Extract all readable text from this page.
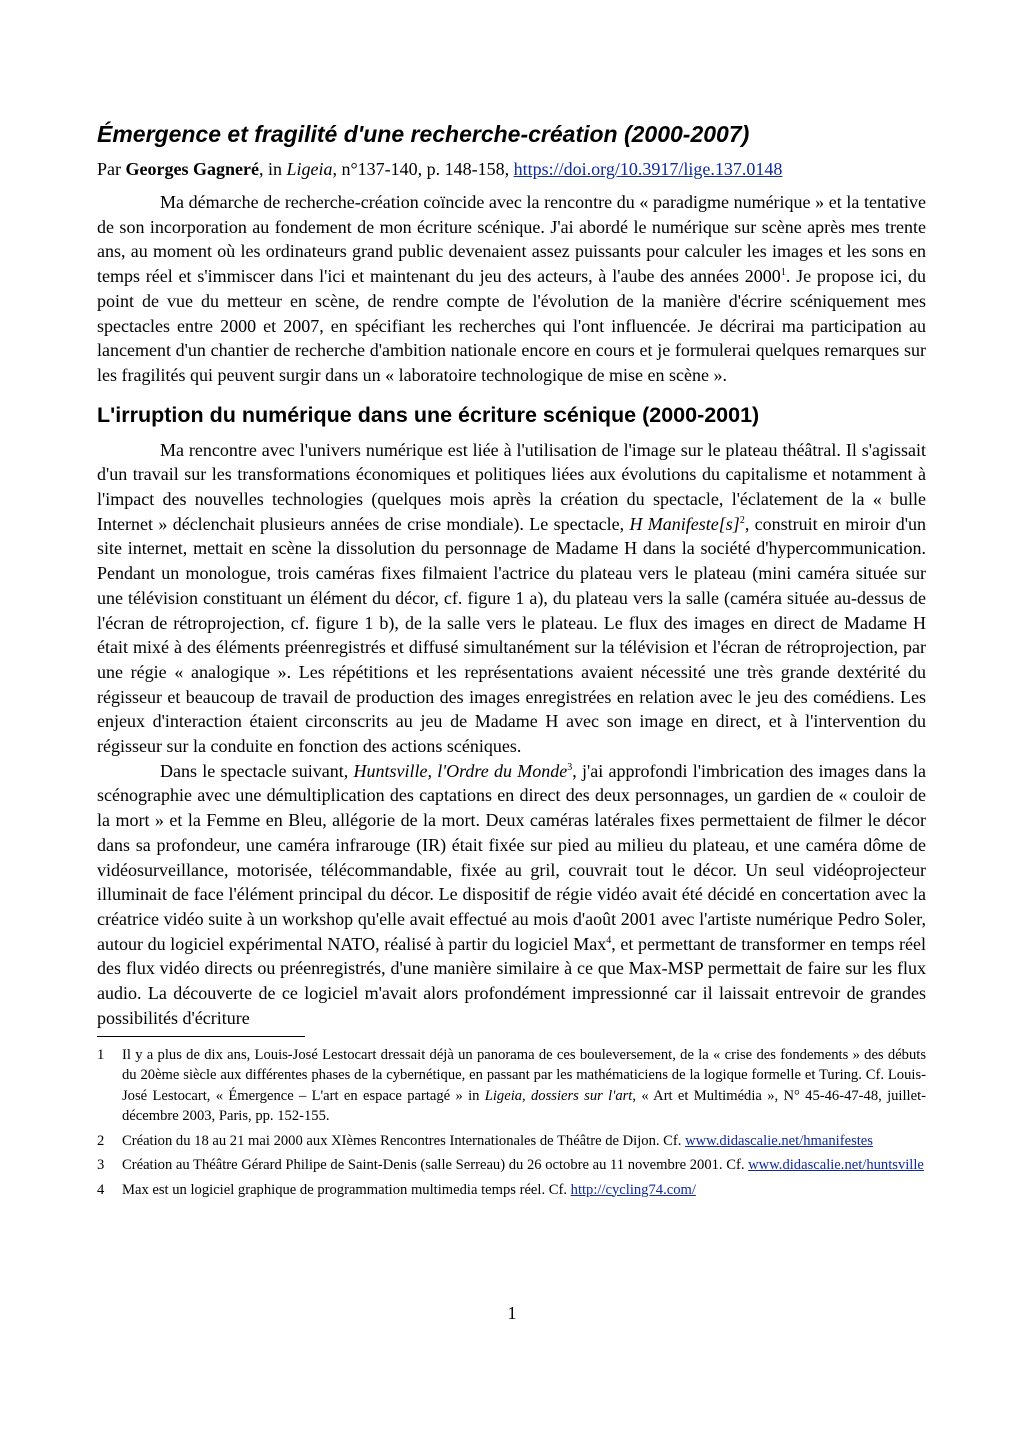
Émergence et fragilité d'une recherche-création (2000-2007)

Par Georges Gagneré, in Ligeia, n°137-140, p. 148-158, https://doi.org/10.3917/lige.137.0148

Ma démarche de recherche-création coïncide avec la rencontre du « paradigme numérique » et la tentative de son incorporation au fondement de mon écriture scénique. J'ai abordé le numérique sur scène après mes trente ans, au moment où les ordinateurs grand public devenaient assez puissants pour calculer les images et les sons en temps réel et s'immiscer dans l'ici et maintenant du jeu des acteurs, à l'aube des années 2000$^1$. Je propose ici, du point de vue du metteur en scène, de rendre compte de l'évolution de la manière d'écrire scéniquement mes spectacles entre 2000 et 2007, en spécifiant les recherches qui l'ont influencée. Je décrirai ma participation au lancement d'un chantier de recherche d'ambition nationale encore en cours et je formulerai quelques remarques sur les fragilités qui peuvent surgir dans un « laboratoire technologique de mise en scène ».

L'irruption du numérique dans une écriture scénique (2000-2001)

Ma rencontre avec l'univers numérique est liée à l'utilisation de l'image sur le plateau théâtral. Il s'agissait d'un travail sur les transformations économiques et politiques liées aux évolutions du capitalisme et notamment à l'impact des nouvelles technologies (quelques mois après la création du spectacle, l'éclatement de la « bulle Internet » déclenchait plusieurs années de crise mondiale). Le spectacle, H $Manifeste[s]^2$, construit en miroir d'un site internet, mettait en scène la dissolution du personnage de Madame H dans la société d'hypercommunication. Pendant un monologue, trois caméras fixes filmaient l'actrice du plateau vers le plateau (mini caméra située sur une télévision constituant un élément du décor, cf. figure 1 a), du plateau vers la salle (caméra située au-dessus de l'écran de rétroprojection, cf. figure 1 b), de la salle vers le plateau. Le flux des images en direct de Madame H était mixé à des éléments préenregistrés et diffusé simultanément sur la télévision et l'écran de rétroprojection, par une régie « analogique ». Les répétitions et les représentations avaient nécessité une très grande dextérité du régisseur et beaucoup de travail de production des images enregistrées en relation avec le jeu des comédiens. Les enjeux d'interaction étaient circonscrits au jeu de Madame H avec son image en direct, et à l'intervention du régisseur sur la conduite en fonction des actions scéniques.

Dans le spectacle suivant, Huntsville, l'Ordre du Monde$^3$, j'ai approfondi l'imbrication des images dans la scénographie avec une démultiplication des captations en direct des deux personnages, un gardien de « couloir de la mort » et la Femme en Bleu, allégorie de la mort. Deux caméras latérales fixes permettaient de filmer le décor dans sa profondeur, une caméra infrarouge (IR) était fixée sur pied au milieu du plateau, et une caméra dôme de vidéosurveillance, motorisée, télécommandable, fixée au gril, couvrait tout le décor. Un seul vidéoprojecteur illuminait de face l'élément principal du décor. Le dispositif de régie vidéo avait été décidé en concertation avec la créatrice vidéo suite à un workshop qu'elle avait effectué au mois d'août 2001 avec l'artiste numérique Pedro Soler, autour du logiciel expérimental NATO, réalisé à partir du logiciel Max$^4$, et permettant de transformer en temps réel des flux vidéo directs ou préenregistrés, d'une manière similaire à ce que Max-MSP permettait de faire sur les flux audio. La découverte de ce logiciel m'avait alors profondément impressionné car il laissait entrevoir de grandes possibilités d'écriture

1	Il y a plus de dix ans, Louis-José Lestocart dressait déjà un panorama de ces bouleversement, de la « crise des fondements » des débuts du 20ème siècle aux différentes phases de la cybernétique, en passant par les mathématiciens de la logique formelle et Turing. Cf. Louis-José Lestocart, « Émergence – L'art en espace partagé » in Ligeia, dossiers sur l'art, « Art et Multimédia », N° 45-46-47-48, juillet-décembre 2003, Paris, pp. 152-155.
2	Création du 18 au 21 mai 2000 aux XIèmes Rencontres Internationales de Théâtre de Dijon. Cf. www.didascalie.net/hmanifestes
3	Création au Théâtre Gérard Philipe de Saint-Denis (salle Serreau) du 26 octobre au 11 novembre 2001. Cf. www.didascalie.net/huntsville
4	Max est un logiciel graphique de programmation multimedia temps réel. Cf. http://cycling74.com/
1
